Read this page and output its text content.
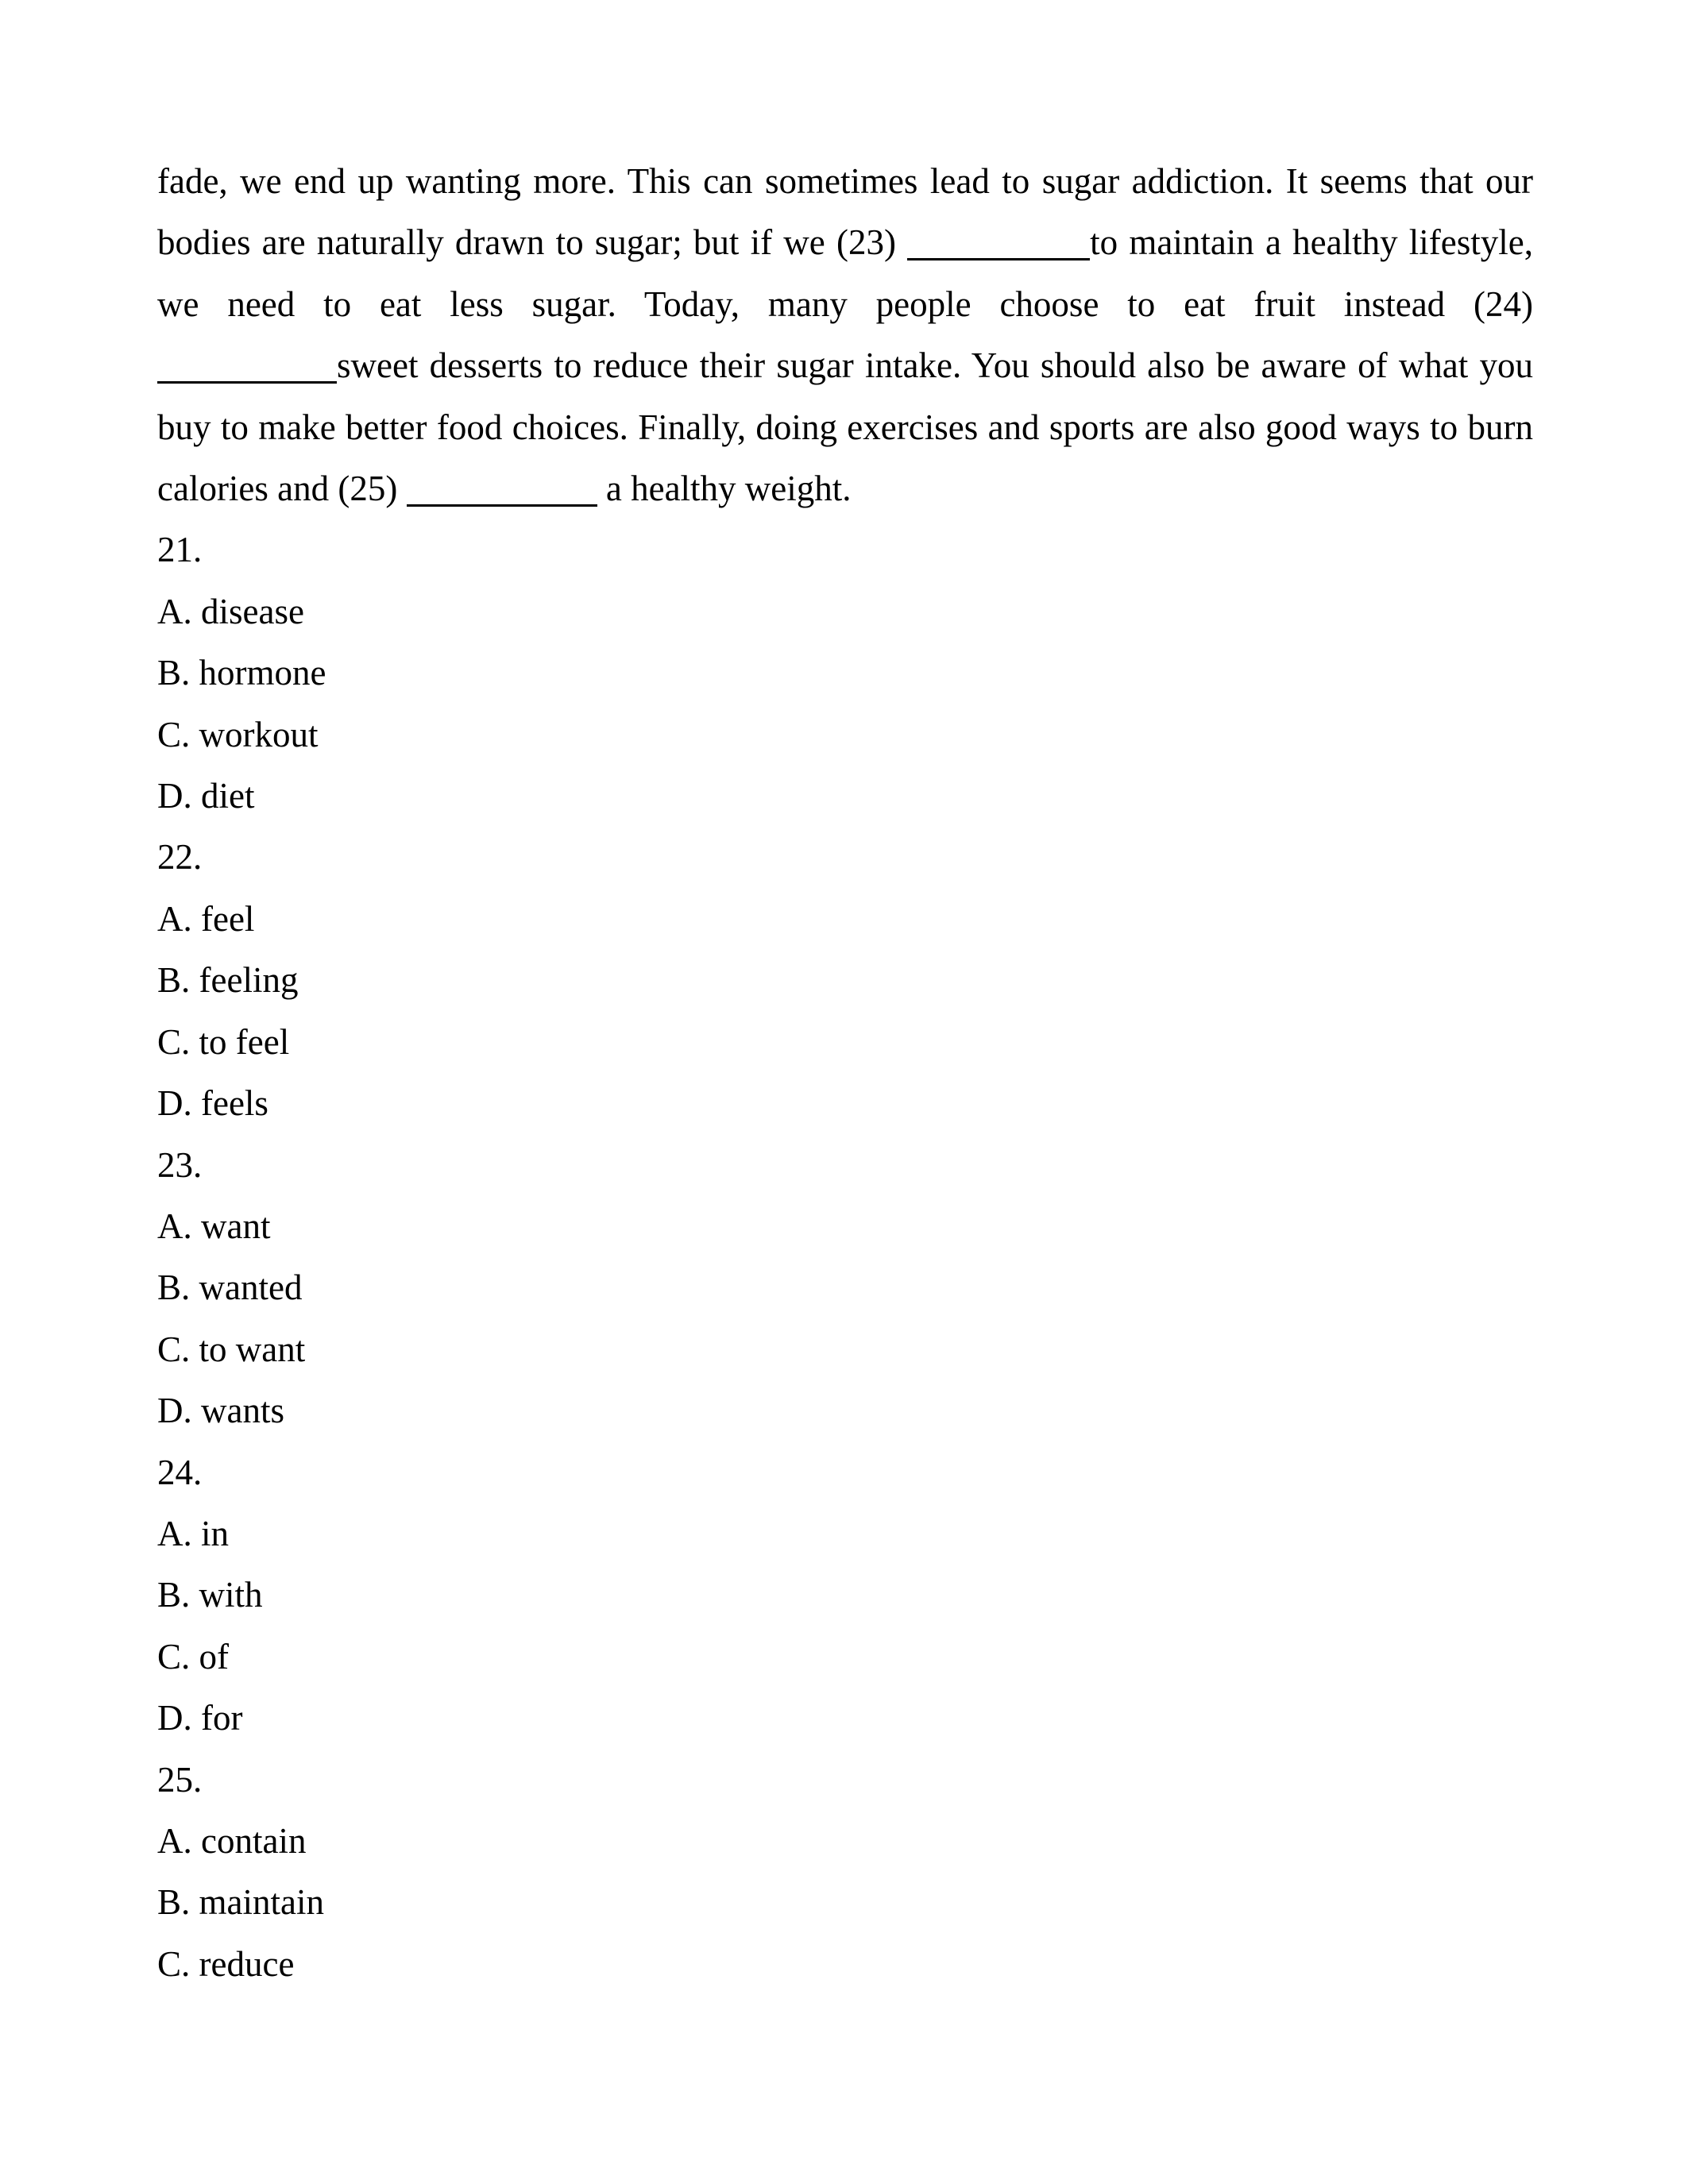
fade, we end up wanting more. This can sometimes lead to sugar addiction. It seems that our
bodies are naturally drawn to sugar; but if we (23)	to maintain a healthy lifestyle,
we need to eat less sugar. Today, many people choose to eat fruit instead (24)
sweet desserts to reduce their sugar intake. You should also be aware of what you
buy to make better food choices. Finally, doing exercises and sports are also good ways to burn
calories and (25)	a healthy weight.
21.
A. disease
B. hormone
C. workout
D. diet
22.
A. feel
B. feeling
C. to feel
D. feels
23.
A. want
B. wanted
C. to want
D. wants
24.
A. in
B. with
C. of
D. for
25.
A. contain
B. maintain
C. reduce
